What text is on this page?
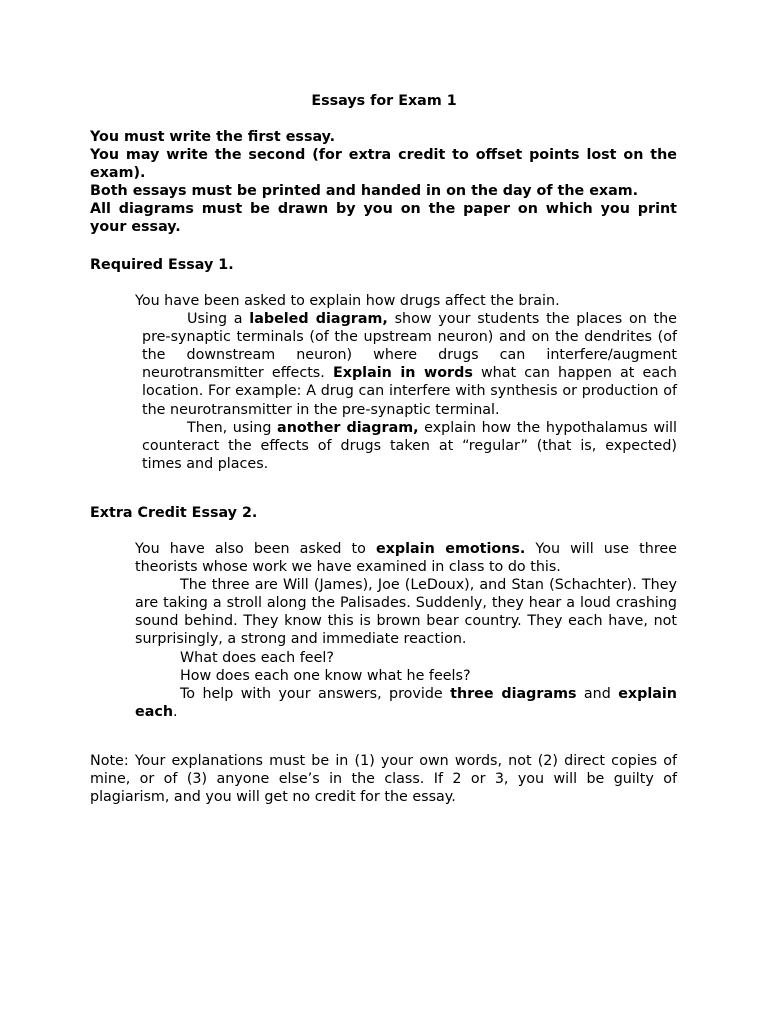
Essays for Exam 1

You must write the first essay.

You may write the second (for extra credit to offset points lost on the exam).

Both essays must be printed and handed in on the day of the exam.

All diagrams must be drawn by you on the paper on which you print your essay.

Required Essay 1.

You have been asked to explain how drugs affect the brain.

Using a labeled diagram, show your students the places on the pre-synaptic terminals (of the upstream neuron) and on the dendrites (of the downstream neuron) where drugs can interfere/augment neurotransmitter effects. Explain in words what can happen at each location. For example: A drug can interfere with synthesis or production of the neurotransmitter in the pre-synaptic terminal.

Then, using another diagram, explain how the hypothalamus will counteract the effects of drugs taken at “regular” (that is, expected) times and places.

Extra Credit Essay 2.

You have also been asked to explain emotions. You will use three theorists whose work we have examined in class to do this.

The three are Will (James), Joe (LeDoux), and Stan (Schachter). They are taking a stroll along the Palisades. Suddenly, they hear a loud crashing sound behind. They know this is brown bear country. They each have, not surprisingly, a strong and immediate reaction.

What does each feel?

How does each one know what he feels?

To help with your answers, provide three diagrams and explain each.

Note: Your explanations must be in (1) your own words, not (2) direct copies of mine, or of (3) anyone else’s in the class. If 2 or 3, you will be guilty of plagiarism, and you will get no credit for the essay.
